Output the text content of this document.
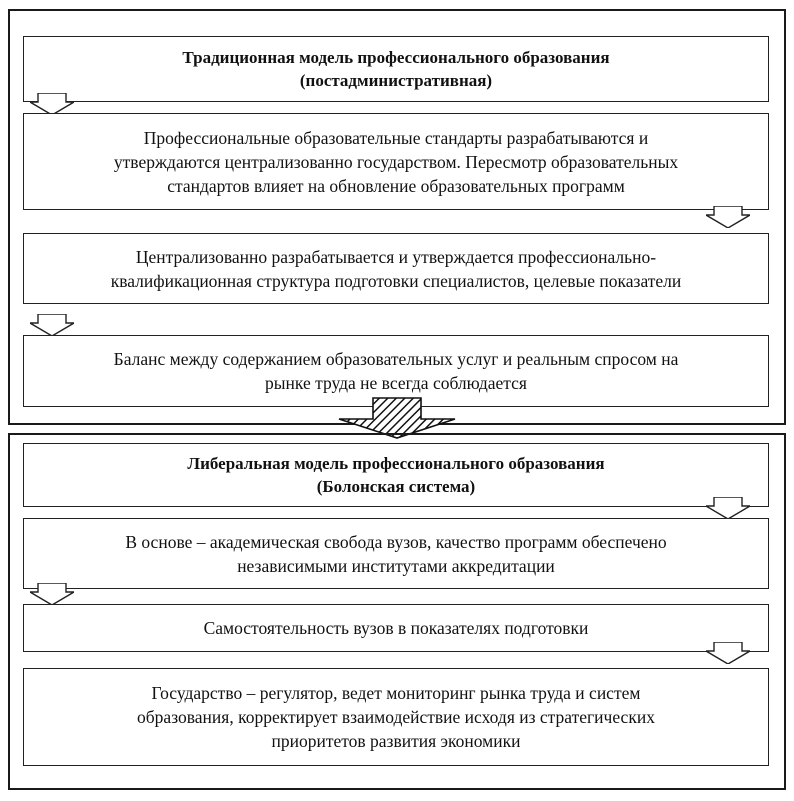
Традиционная модель профессионального образования
(постадминистративная)
Профессиональные образовательные стандарты разрабатываются и
утверждаются централизованно государством. Пересмотр образовательных
стандартов влияет на обновление образовательных программ
Централизованно разрабатывается и утверждается профессионально-
квалификационная структура подготовки специалистов, целевые показатели
Баланс между содержанием образовательных услуг и реальным спросом на
рынке труда не всегда соблюдается
Либеральная модель профессионального образования
(Болонская система)
В основе – академическая свобода вузов, качество программ обеспечено
независимыми институтами аккредитации
Самостоятельность вузов в показателях подготовки
Государство – регулятор, ведет мониторинг рынка труда и систем
образования, корректирует взаимодействие исходя из стратегических
приоритетов развития экономики
